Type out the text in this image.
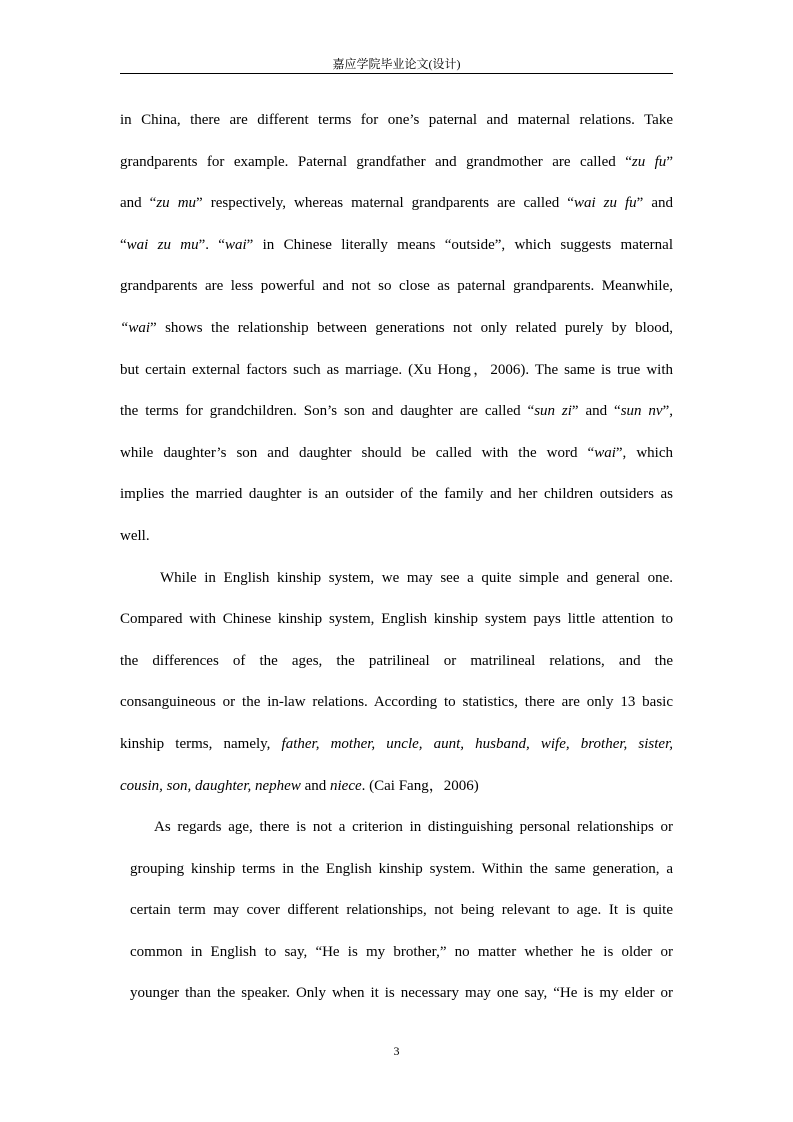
嘉应学院毕业论文(设计)
in China, there are different terms for one’s paternal and maternal relations. Take
grandparents for example. Paternal grandfather and grandmother are called “zu fu”
and “zu mu” respectively, whereas maternal grandparents are called “wai zu fu” and
“wai zu mu”. “wai” in Chinese literally means “outside”, which suggests maternal
grandparents are less powerful and not so close as paternal grandparents. Meanwhile,
“wai” shows the relationship between generations not only related purely by blood,
but certain external factors such as marriage. (Xu Hong，2006). The same is true with
the terms for grandchildren. Son’s son and daughter are called “sun zi” and “sun nv”,
while daughter’s son and daughter should be called with the word “wai”, which
implies the married daughter is an outsider of the family and her children outsiders as
well.
While in English kinship system, we may see a quite simple and general one.
Compared with Chinese kinship system, English kinship system pays little attention to
the differences of the ages, the patrilineal or matrilineal relations, and the
consanguineous or the in-law relations. According to statistics, there are only 13 basic
kinship terms, namely, father, mother, uncle, aunt, husband, wife, brother, sister,
cousin, son, daughter, nephew and niece. (Cai Fang，2006)
As regards age, there is not a criterion in distinguishing personal relationships or
grouping kinship terms in the English kinship system. Within the same generation, a
certain term may cover different relationships, not being relevant to age. It is quite
common in English to say, “He is my brother,” no matter whether he is older or
younger than the speaker. Only when it is necessary may one say, “He is my elder or
3
